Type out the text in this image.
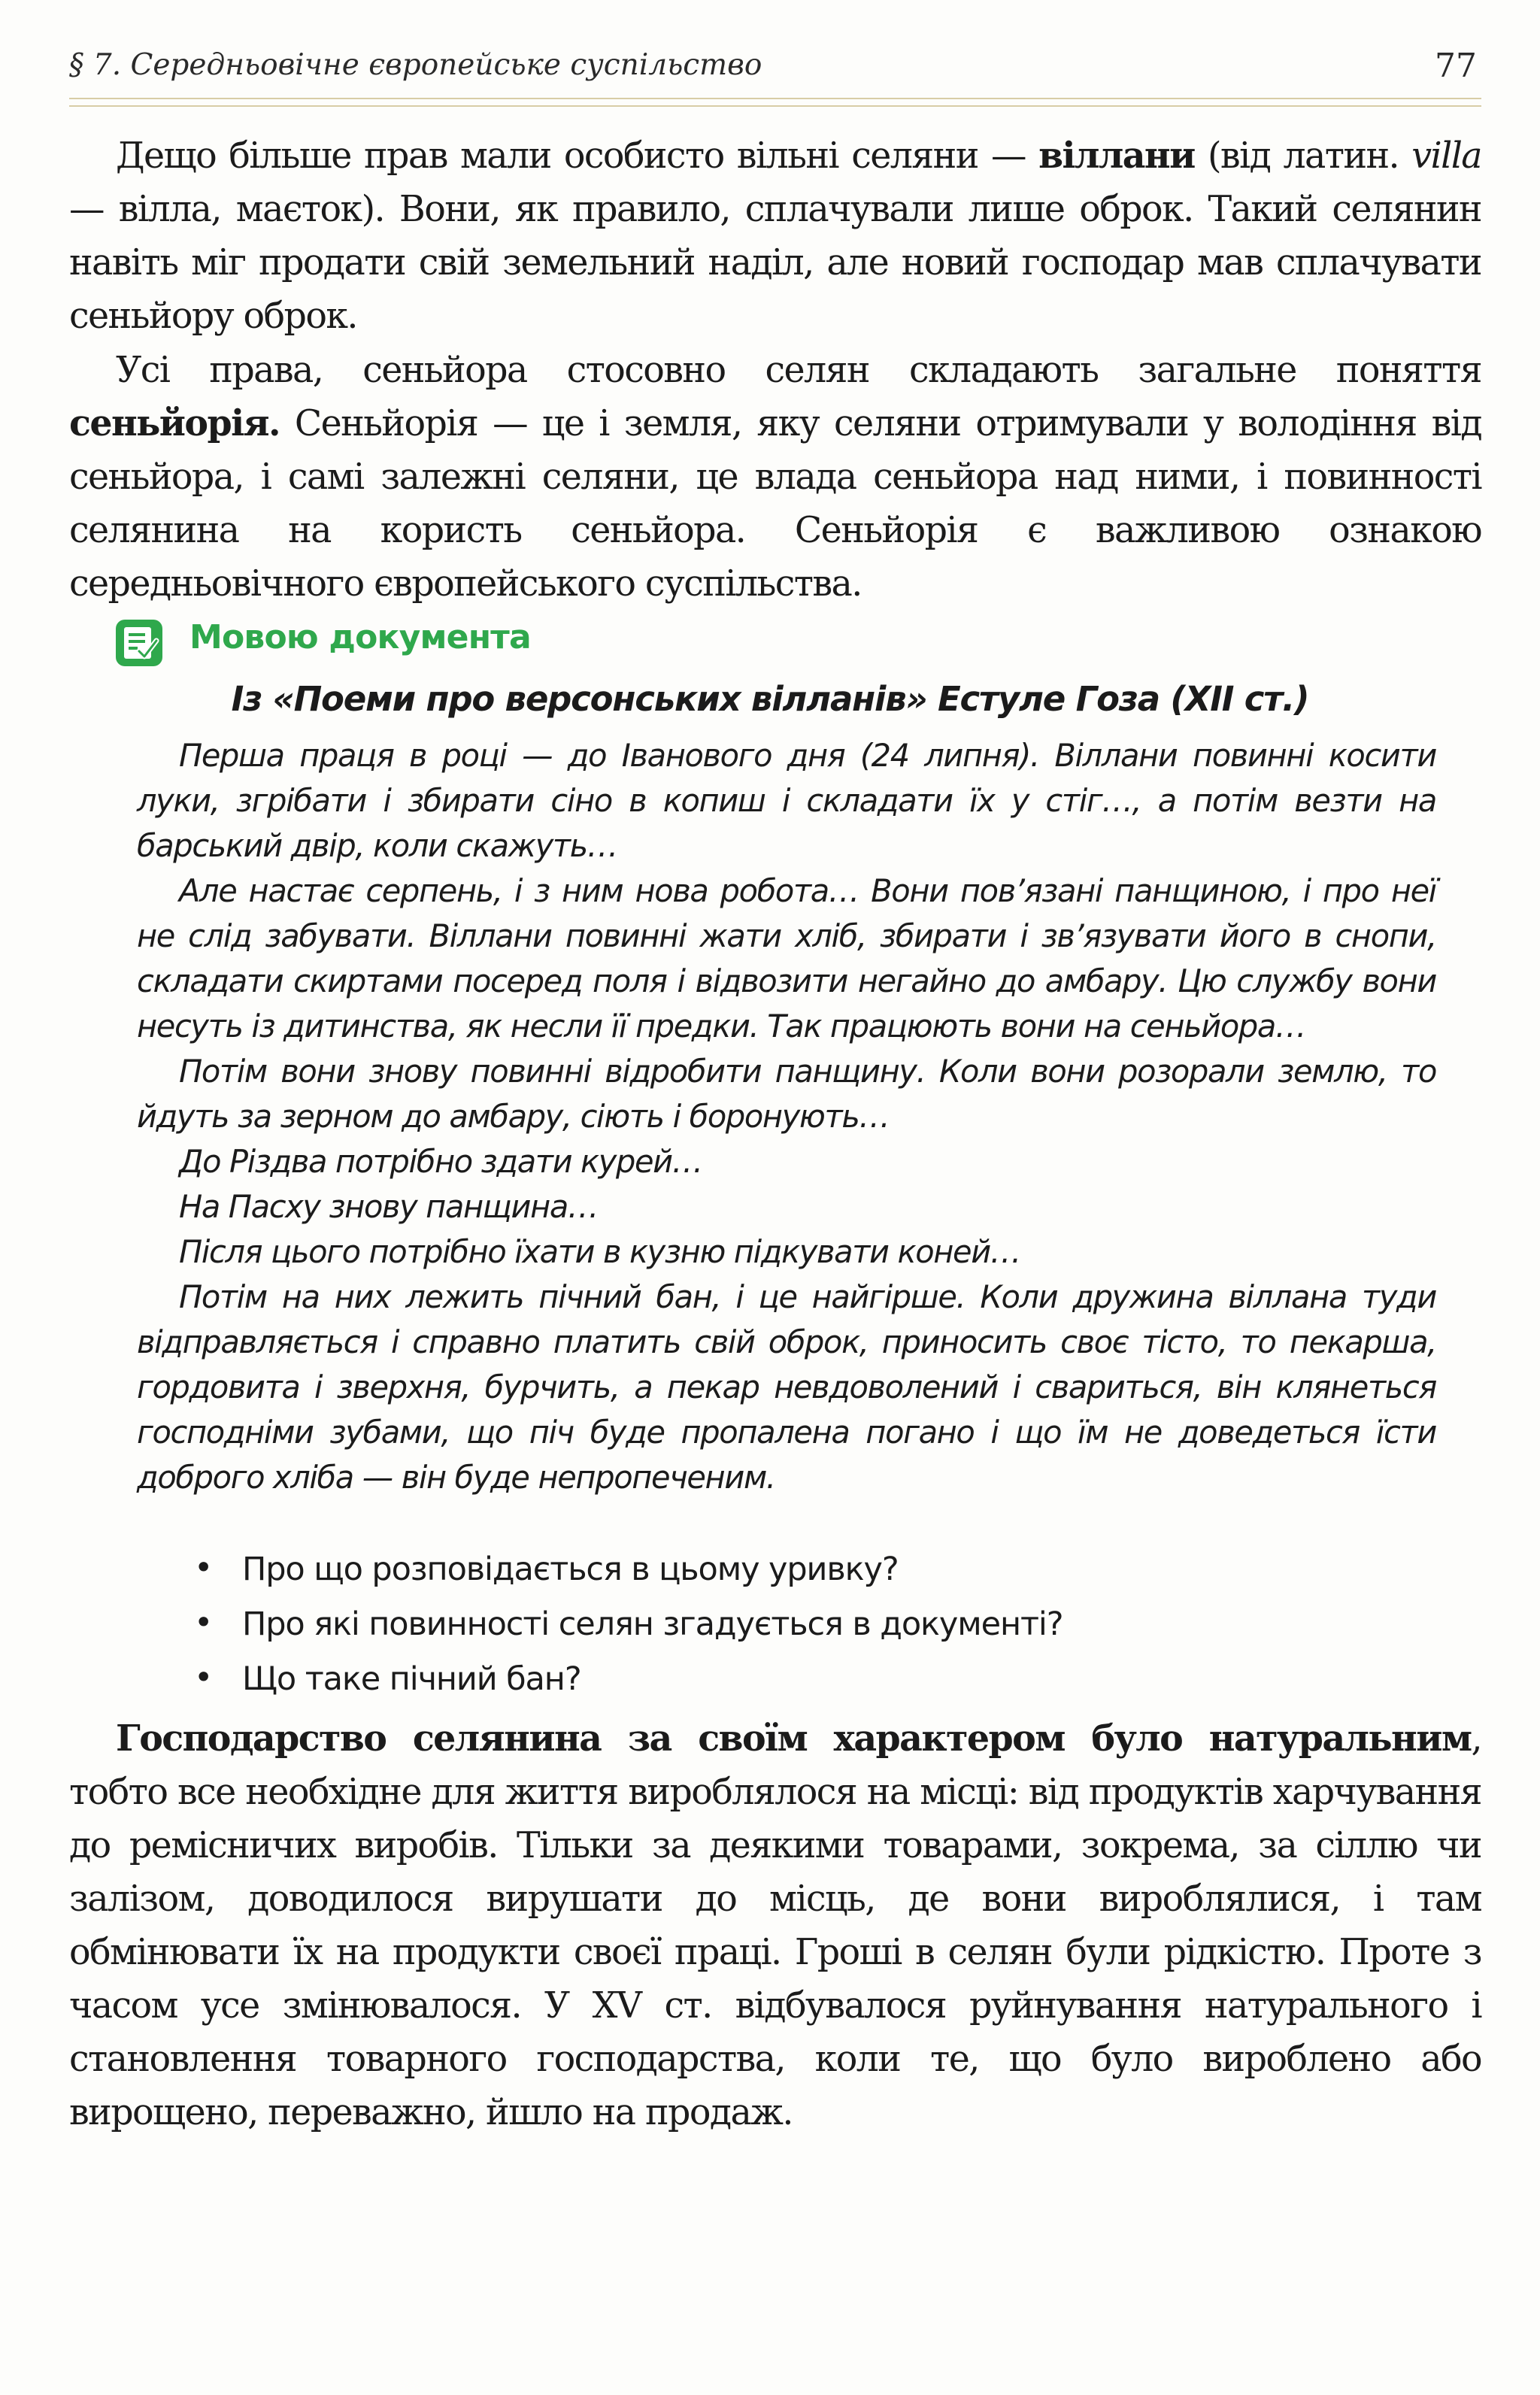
§ 7. Середньовічне європейське суспільство	77

Дещо більше прав мали особисто вільні селяни — віллани (від латин. villa — вілла, маєток). Вони, як правило, сплачували лише оброк. Такий селянин навіть міг продати свій земельний наділ, але новий господар мав сплачувати сеньйору оброк.

Усі права, сеньйора стосовно селян складають загальне поняття сеньйорія. Сеньйорія — це і земля, яку селяни отримували у володіння від сеньйора, і самі залежні селяни, це влада сеньйора над ними, і повинності селянина на користь сеньйора. Сеньйорія є важливою ознакою середньовічного європейського суспільства.

Мовою документа
Із «Поеми про версонських вілланів» Естуле Гоза (XII ст.)

Перша праця в році — до Іванового дня (24 липня). Віллани повинні косити луки, згрібати і збирати сіно в копиш і складати їх у стіг…, а потім везти на барський двір, коли скажуть…

Але настає серпень, і з ним нова робота… Вони пов’язані панщиною, і про неї не слід забувати. Віллани повинні жати хліб, збирати і зв’язувати його в снопи, складати скиртами посеред поля і відвозити негайно до амбару. Цю службу вони несуть із дитинства, як несли її предки. Так працюють вони на сеньйора…

Потім вони знову повинні відробити панщину. Коли вони розорали землю, то йдуть за зерном до амбару, сіють і боронують…

До Різдва потрібно здати курей…

На Пасху знову панщина…

Після цього потрібно їхати в кузню підкувати коней…

Потім на них лежить пічний бан, і це найгірше. Коли дружина віллана туди відправляється і справно платить свій оброк, приносить своє тісто, то пекарша, гордовита і зверхня, бурчить, а пекар невдоволений і свариться, він клянеться господніми зубами, що піч буде пропалена погано і що їм не доведеться їсти доброго хліба — він буде непропеченим.

• Про що розповідається в цьому уривку?
• Про які повинності селян згадується в документі?
• Що таке пічний бан?

Господарство селянина за своїм характером було натуральним, тобто все необхідне для життя вироблялося на місці: від продуктів харчування до ремісничих виробів. Тільки за деякими товарами, зокрема, за сіллю чи залізом, доводилося вирушати до місць, де вони вироблялися, і там обмінювати їх на продукти своєї праці. Гроші в селян були рідкістю. Проте з часом усе змінювалося. У XV ст. відбувалося руйнування натурального і становлення товарного господарства, коли те, що було вироблено або вирощено, переважно, йшло на продаж.
